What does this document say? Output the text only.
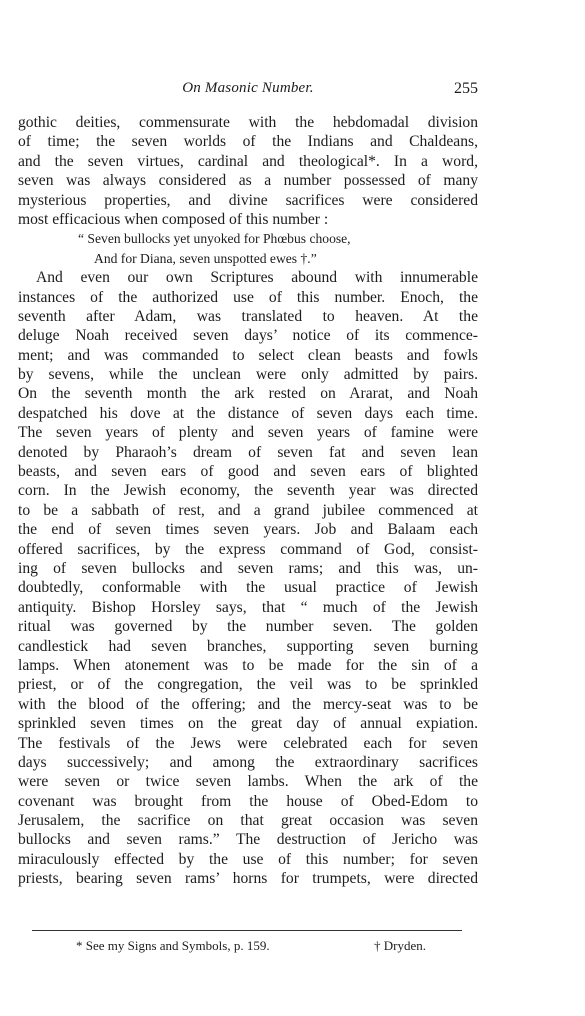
On Masonic Number.	255
gothic deities, commensurate with the hebdomadal division
of time; the seven worlds of the Indians and Chaldeans,
and the seven virtues, cardinal and theological*. In a word,
seven was always considered as a number possessed of many
mysterious properties, and divine sacrifices were considered
most efficacious when composed of this number :
“ Seven bullocks yet unyoked for Phœbus choose,
And for Diana, seven unspotted ewes †.”
And even our own Scriptures abound with innumerable
instances of the authorized use of this number. Enoch, the
seventh after Adam, was translated to heaven. At the
deluge Noah received seven days’ notice of its commence-
ment; and was commanded to select clean beasts and fowls
by sevens, while the unclean were only admitted by pairs.
On the seventh month the ark rested on Ararat, and Noah
despatched his dove at the distance of seven days each time.
The seven years of plenty and seven years of famine were
denoted by Pharaoh’s dream of seven fat and seven lean
beasts, and seven ears of good and seven ears of blighted
corn. In the Jewish economy, the seventh year was directed
to be a sabbath of rest, and a grand jubilee commenced at
the end of seven times seven years. Job and Balaam each
offered sacrifices, by the express command of God, consist-
ing of seven bullocks and seven rams; and this was, un-
doubtedly, conformable with the usual practice of Jewish
antiquity. Bishop Horsley says, that “ much of the Jewish
ritual was governed by the number seven. The golden
candlestick had seven branches, supporting seven burning
lamps. When atonement was to be made for the sin of a
priest, or of the congregation, the veil was to be sprinkled
with the blood of the offering; and the mercy-seat was to be
sprinkled seven times on the great day of annual expiation.
The festivals of the Jews were celebrated each for seven
days successively; and among the extraordinary sacrifices
were seven or twice seven lambs. When the ark of the
covenant was brought from the house of Obed-Edom to
Jerusalem, the sacrifice on that great occasion was seven
bullocks and seven rams.” The destruction of Jericho was
miraculously effected by the use of this number; for seven
priests, bearing seven rams’ horns for trumpets, were directed
* See my Signs and Symbols, p. 159.	† Dryden.
